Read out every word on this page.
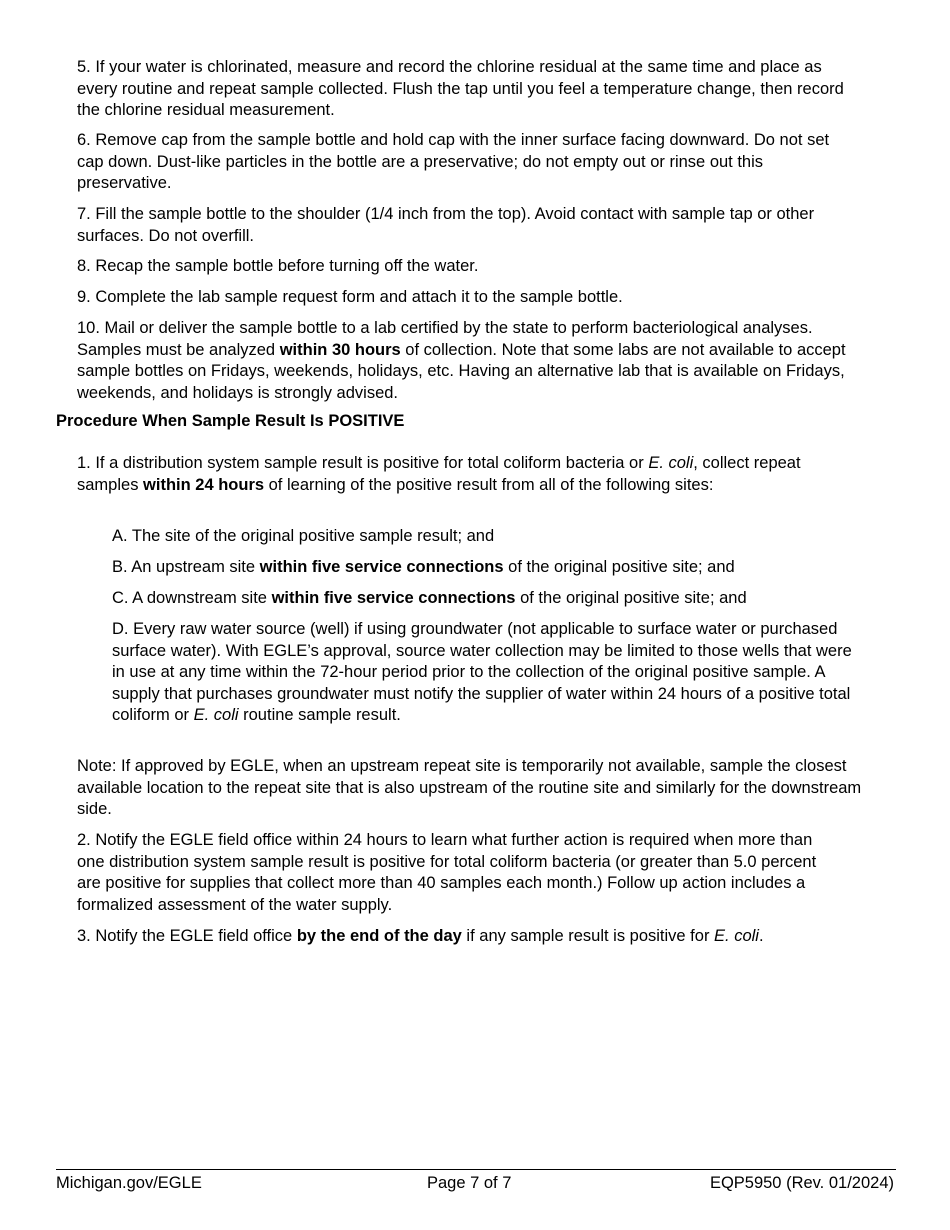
5. If your water is chlorinated, measure and record the chlorine residual at the same time and place as every routine and repeat sample collected. Flush the tap until you feel a temperature change, then record the chlorine residual measurement.

6. Remove cap from the sample bottle and hold cap with the inner surface facing downward. Do not set cap down. Dust-like particles in the bottle are a preservative; do not empty out or rinse out this preservative.

7. Fill the sample bottle to the shoulder (1/4 inch from the top). Avoid contact with sample tap or other surfaces. Do not overfill.

8. Recap the sample bottle before turning off the water.

9. Complete the lab sample request form and attach it to the sample bottle.

10. Mail or deliver the sample bottle to a lab certified by the state to perform bacteriological analyses. Samples must be analyzed within 30 hours of collection. Note that some labs are not available to accept sample bottles on Fridays, weekends, holidays, etc. Having an alternative lab that is available on Fridays, weekends, and holidays is strongly advised.

Procedure When Sample Result Is POSITIVE

1. If a distribution system sample result is positive for total coliform bacteria or E. coli, collect repeat samples within 24 hours of learning of the positive result from all of the following sites:

A. The site of the original positive sample result; and

B. An upstream site within five service connections of the original positive site; and

C. A downstream site within five service connections of the original positive site; and

D. Every raw water source (well) if using groundwater (not applicable to surface water or purchased surface water). With EGLE’s approval, source water collection may be limited to those wells that were in use at any time within the 72-hour period prior to the collection of the original positive sample. A supply that purchases groundwater must notify the supplier of water within 24 hours of a positive total coliform or E. coli routine sample result.

Note: If approved by EGLE, when an upstream repeat site is temporarily not available, sample the closest available location to the repeat site that is also upstream of the routine site and similarly for the downstream side.

2. Notify the EGLE field office within 24 hours to learn what further action is required when more than one distribution system sample result is positive for total coliform bacteria (or greater than 5.0 percent are positive for supplies that collect more than 40 samples each month.) Follow up action includes a formalized assessment of the water supply.

3. Notify the EGLE field office by the end of the day if any sample result is positive for E. coli.

Michigan.gov/EGLE	Page 7 of 7	EQP5950 (Rev. 01/2024)
